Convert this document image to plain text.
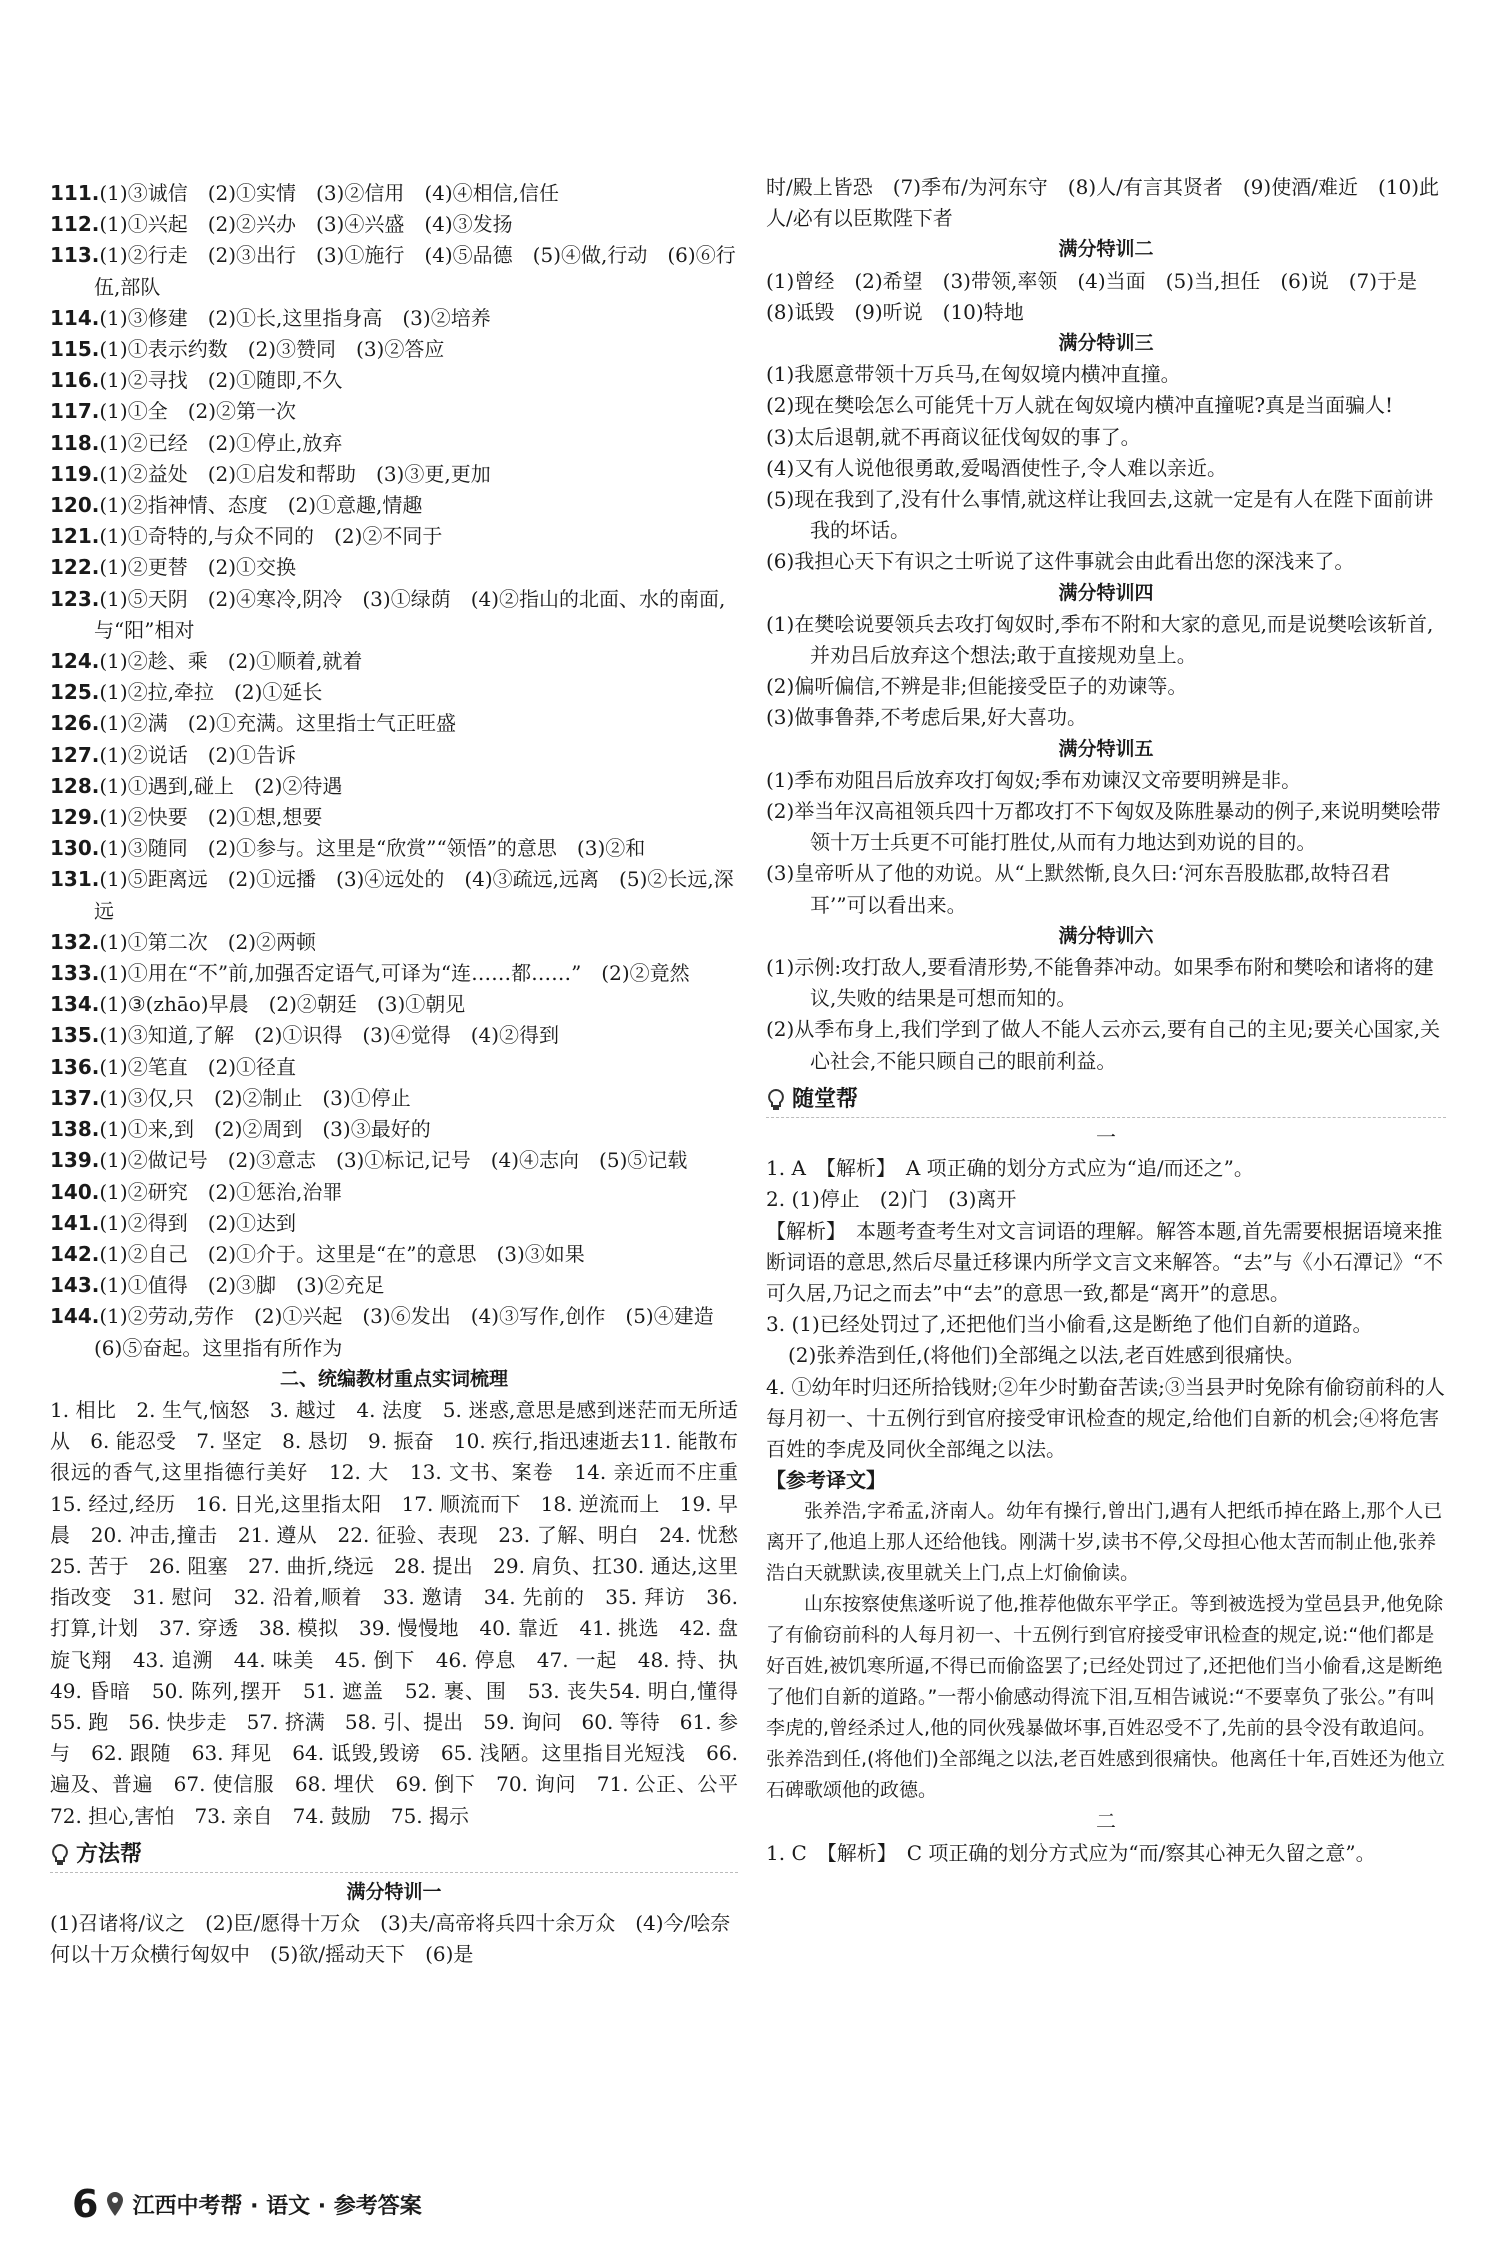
111.(1)③诚信　(2)①实情　(3)②信用　(4)④相信,信任

112.(1)①兴起　(2)②兴办　(3)④兴盛　(4)③发扬

113.(1)②行走　(2)③出行　(3)①施行　(4)⑤品德　(5)④做,行动　(6)⑥行伍,部队

114.(1)③修建　(2)①长,这里指身高　(3)②培养

115.(1)①表示约数　(2)③赞同　(3)②答应

116.(1)②寻找　(2)①随即,不久

117.(1)①全　(2)②第一次

118.(1)②已经　(2)①停止,放弃

119.(1)②益处　(2)①启发和帮助　(3)③更,更加

120.(1)②指神情、态度　(2)①意趣,情趣

121.(1)①奇特的,与众不同的　(2)②不同于

122.(1)②更替　(2)①交换

123.(1)⑤天阴　(2)④寒冷,阴冷　(3)①绿荫　(4)②指山的北面、水的南面,与“阳”相对

124.(1)②趁、乘　(2)①顺着,就着

125.(1)②拉,牵拉　(2)①延长

126.(1)②满　(2)①充满。这里指士气正旺盛

127.(1)②说话　(2)①告诉

128.(1)①遇到,碰上　(2)②待遇

129.(1)②快要　(2)①想,想要

130.(1)③随同　(2)①参与。这里是“欣赏”“领悟”的意思　(3)②和

131.(1)⑤距离远　(2)①远播　(3)④远处的　(4)③疏远,远离　(5)②长远,深远

132.(1)①第二次　(2)②两顿

133.(1)①用在“不”前,加强否定语气,可译为“连……都……”　(2)②竟然

134.(1)③(zhāo)早晨　(2)②朝廷　(3)①朝见

135.(1)③知道,了解　(2)①识得　(3)④觉得　(4)②得到

136.(1)②笔直　(2)①径直

137.(1)③仅,只　(2)②制止　(3)①停止

138.(1)①来,到　(2)②周到　(3)③最好的

139.(1)②做记号　(2)③意志　(3)①标记,记号　(4)④志向　(5)⑤记载

140.(1)②研究　(2)①惩治,治罪

141.(1)②得到　(2)①达到

142.(1)②自己　(2)①介于。这里是“在”的意思　(3)③如果

143.(1)①值得　(2)③脚　(3)②充足

144.(1)②劳动,劳作　(2)①兴起　(3)⑥发出　(4)③写作,创作　(5)④建造　(6)⑤奋起。这里指有所作为

二、统编教材重点实词梳理

1. 相比　2. 生气,恼怒　3. 越过　4. 法度　5. 迷惑,意思是感到迷茫而无所适从　6. 能忍受　7. 坚定　8. 恳切　9. 振奋　10. 疾行,指迅速逝去11. 能散布很远的香气,这里指德行美好　12. 大　13. 文书、案卷　14. 亲近而不庄重　15. 经过,经历　16. 日光,这里指太阳　17. 顺流而下　18. 逆流而上　19. 早晨　20. 冲击,撞击　21. 遵从　22. 征验、表现　23. 了解、明白　24. 忧愁　25. 苦于　26. 阻塞　27. 曲折,绕远　28. 提出　29. 肩负、扛30. 通达,这里指改变　31. 慰问　32. 沿着,顺着　33. 邀请　34. 先前的　35. 拜访　36. 打算,计划　37. 穿透　38. 模拟　39. 慢慢地　40. 靠近　41. 挑选　42. 盘旋飞翔　43. 追溯　44. 味美　45. 倒下　46. 停息　47. 一起　48. 持、执　49. 昏暗　50. 陈列,摆开　51. 遮盖　52. 裹、围　53. 丧失54. 明白,懂得　55. 跑　56. 快步走　57. 挤满　58. 引、提出　59. 询问　60. 等待　61. 参与　62. 跟随　63. 拜见　64. 诋毁,毁谤　65. 浅陋。这里指目光短浅　66. 遍及、普遍　67. 使信服　68. 埋伏　69. 倒下　70. 询问　71. 公正、公平　72. 担心,害怕　73. 亲自　74. 鼓励　75. 揭示

方法帮

满分特训一

(1)召诸将/议之　(2)臣/愿得十万众　(3)夫/高帝将兵四十余万众　(4)今/哙奈何以十万众横行匈奴中　(5)欲/摇动天下　(6)是

时/殿上皆恐　(7)季布/为河东守　(8)人/有言其贤者　(9)使酒/难近　(10)此人/必有以臣欺陛下者

满分特训二

(1)曾经　(2)希望　(3)带领,率领　(4)当面　(5)当,担任　(6)说　(7)于是　(8)诋毁　(9)听说　(10)特地

满分特训三

(1)我愿意带领十万兵马,在匈奴境内横冲直撞。

(2)现在樊哙怎么可能凭十万人就在匈奴境内横冲直撞呢?真是当面骗人!

(3)太后退朝,就不再商议征伐匈奴的事了。

(4)又有人说他很勇敢,爱喝酒使性子,令人难以亲近。

(5)现在我到了,没有什么事情,就这样让我回去,这就一定是有人在陛下面前讲我的坏话。

(6)我担心天下有识之士听说了这件事就会由此看出您的深浅来了。

满分特训四

(1)在樊哙说要领兵去攻打匈奴时,季布不附和大家的意见,而是说樊哙该斩首,并劝吕后放弃这个想法;敢于直接规劝皇上。

(2)偏听偏信,不辨是非;但能接受臣子的劝谏等。

(3)做事鲁莽,不考虑后果,好大喜功。

满分特训五

(1)季布劝阻吕后放弃攻打匈奴;季布劝谏汉文帝要明辨是非。

(2)举当年汉高祖领兵四十万都攻打不下匈奴及陈胜暴动的例子,来说明樊哙带领十万士兵更不可能打胜仗,从而有力地达到劝说的目的。

(3)皇帝听从了他的劝说。从“上默然惭,良久曰:‘河东吾股肱郡,故特召君耳’”可以看出来。

满分特训六

(1)示例:攻打敌人,要看清形势,不能鲁莽冲动。如果季布附和樊哙和诸将的建议,失败的结果是可想而知的。

(2)从季布身上,我们学到了做人不能人云亦云,要有自己的主见;要关心国家,关心社会,不能只顾自己的眼前利益。

随堂帮

一

1. A　【解析】　A 项正确的划分方式应为“追/而还之”。

2. (1)停止　(2)门　(3)离开

【解析】　本题考查考生对文言词语的理解。解答本题,首先需要根据语境来推断词语的意思,然后尽量迁移课内所学文言文来解答。“去”与《小石潭记》“不可久居,乃记之而去”中“去”的意思一致,都是“离开”的意思。

3. (1)已经处罚过了,还把他们当小偷看,这是断绝了他们自新的道路。

(2)张养浩到任,(将他们)全部绳之以法,老百姓感到很痛快。

4. ①幼年时归还所拾钱财;②年少时勤奋苦读;③当县尹时免除有偷窃前科的人每月初一、十五例行到官府接受审讯检查的规定,给他们自新的机会;④将危害百姓的李虎及同伙全部绳之以法。

【参考译文】

张养浩,字希孟,济南人。幼年有操行,曾出门,遇有人把纸币掉在路上,那个人已离开了,他追上那人还给他钱。刚满十岁,读书不停,父母担心他太苦而制止他,张养浩白天就默读,夜里就关上门,点上灯偷偷读。

山东按察使焦遂听说了他,推荐他做东平学正。等到被选授为堂邑县尹,他免除了有偷窃前科的人每月初一、十五例行到官府接受审讯检查的规定,说:“他们都是好百姓,被饥寒所逼,不得已而偷盗罢了;已经处罚过了,还把他们当小偷看,这是断绝了他们自新的道路。”一帮小偷感动得流下泪,互相告诫说:“不要辜负了张公。”有叫李虎的,曾经杀过人,他的同伙残暴做坏事,百姓忍受不了,先前的县令没有敢追问。张养浩到任,(将他们)全部绳之以法,老百姓感到很痛快。他离任十年,百姓还为他立石碑歌颂他的政德。

二

1. C　【解析】　C 项正确的划分方式应为“而/察其心神无久留之意”。

6 江西中考帮 · 语文 · 参考答案
